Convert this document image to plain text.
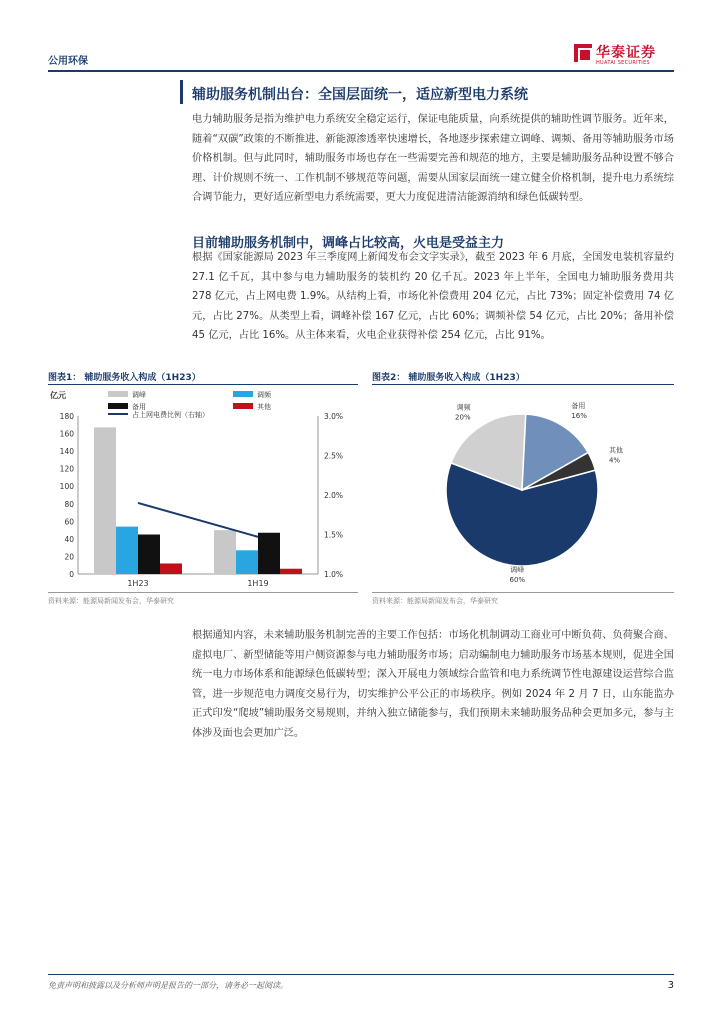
公用环保
华泰证券
HUATAI SECURITIES
辅助服务机制出台：全国层面统一，适应新型电力系统
电力辅助服务是指为维护电力系统安全稳定运行，保证电能质量，向系统提供的辅助性调节服务。近年来，随着“双碳”政策的不断推进、新能源渗透率快速增长，各地逐步探索建立调峰、调频、备用等辅助服务市场价格机制。但与此同时，辅助服务市场也存在一些需要完善和规范的地方，主要是辅助服务品种设置不够合理、计价规则不统一、工作机制不够规范等问题，需要从国家层面统一建立健全价格机制，提升电力系统综合调节能力，更好适应新型电力系统需要，更大力度促进清洁能源消纳和绿色低碳转型。
目前辅助服务机制中，调峰占比较高，火电是受益主力
根据《国家能源局 2023 年三季度网上新闻发布会文字实录》，截至 2023 年 6 月底，全国发电装机容量约 27.1 亿千瓦，其中参与电力辅助服务的装机约 20 亿千瓦。2023 年上半年，全国电力辅助服务费用共 278 亿元，占上网电费 1.9%。从结构上看，市场化补偿费用 204 亿元，占比 73%；固定补偿费用 74 亿元，占比 27%。从类型上看，调峰补偿 167 亿元，占比 60%；调频补偿 54 亿元，占比 20%；备用补偿 45 亿元，占比 16%。从主体来看，火电企业获得补偿 254 亿元，占比 91%。
图表1： 辅助服务收入构成（1H23）
亿元
180
160
140
120
100
80
60
40
20
0
3.0%
2.5%
2.0%
1.5%
1.0%
1H23	1H19
调峰	调频
备用	其他
占上网电费比例（右轴）
资料来源：能源局新闻发布会，华泰研究
图表2： 辅助服务收入构成（1H23）
调峰
60%
调频
20%
备用
16%
其他
4%
资料来源：能源局新闻发布会，华泰研究
根据通知内容，未来辅助服务机制完善的主要工作包括：市场化机制调动工商业可中断负荷、负荷聚合商、虚拟电厂、新型储能等用户侧资源参与电力辅助服务市场；启动编制电力辅助服务市场基本规则，促进全国统一电力市场体系和能源绿色低碳转型；深入开展电力领域综合监管和电力系统调节性电源建设运营综合监管，进一步规范电力调度交易行为，切实维护公平公正的市场秩序。例如 2024 年 2 月 7 日，山东能监办正式印发“爬坡”辅助服务交易规则，并纳入独立储能参与，我们预期未来辅助服务品种会更加多元，参与主体涉及面也会更加广泛。
免责声明和披露以及分析师声明是报告的一部分，请务必一起阅读。	3
